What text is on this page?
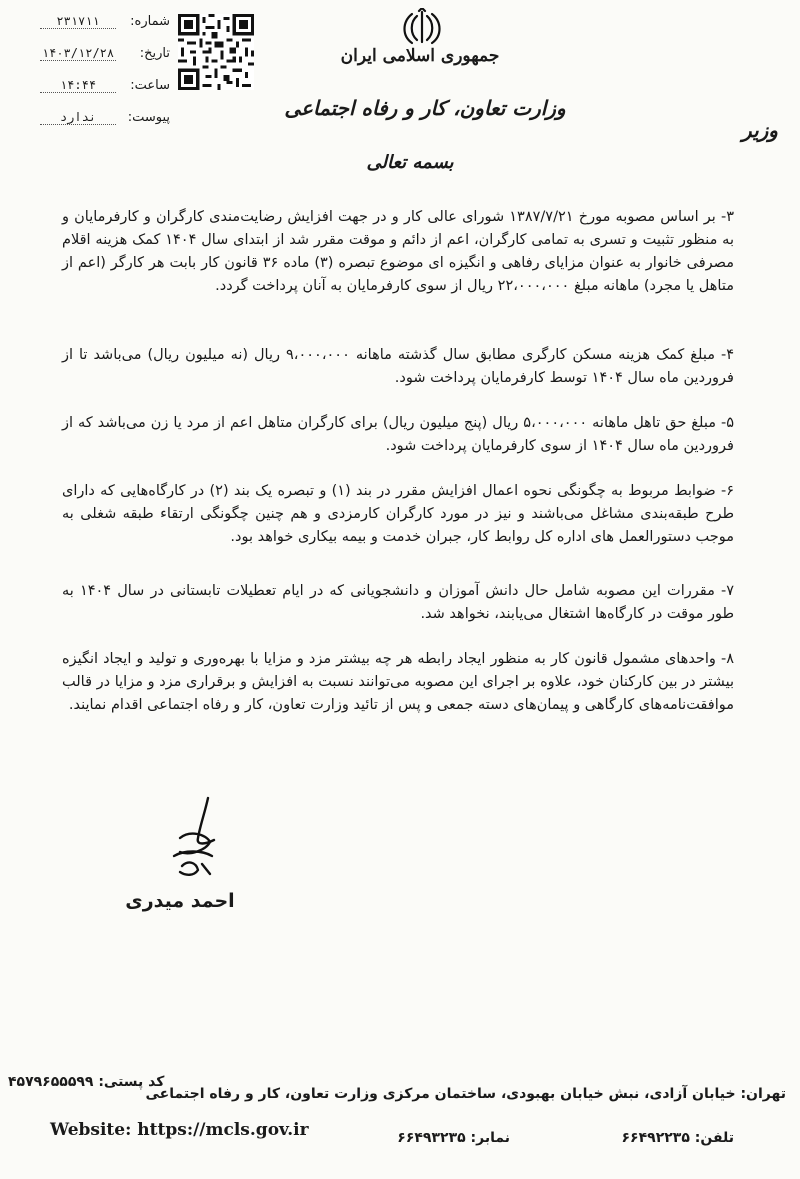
شماره:
۲۳۱۷۱۱
تاریخ:
۱۴۰۳/۱۲/۲۸
ساعت:
۱۴:۴۴
پیوست:
ندارد
جمهوری اسلامی ایران
وزارت تعاون، کار و رفاه اجتماعی
وزیر
بسمه تعالی

۳- بر اساس مصوبه مورخ ۱۳۸۷/۷/۲۱ شورای عالی کار و در جهت افزایش رضایت‌مندی کارگران و کارفرمایان و به منظور تثبیت و تسری به تمامی کارگران، اعم از دائم و موقت مقرر شد از ابتدای سال ۱۴۰۴ کمک هزینه اقلام مصرفی خانوار به عنوان مزایای رفاهی و انگیزه ای موضوع تبصره (۳) ماده ۳۶ قانون کار بابت هر کارگر (اعم از متاهل یا مجرد) ماهانه مبلغ ۲۲،۰۰۰،۰۰۰ ریال از سوی کارفرمایان به آنان پرداخت گردد.

۴- مبلغ کمک هزینه مسکن کارگری مطابق سال گذشته ماهانه ۹،۰۰۰،۰۰۰ ریال (نه میلیون ریال) می‌باشد تا از فروردین ماه سال ۱۴۰۴ توسط کارفرمایان پرداخت شود.

۵- مبلغ حق تاهل ماهانه ۵،۰۰۰،۰۰۰ ریال (پنج میلیون ریال) برای کارگران متاهل اعم از مرد یا زن می‌باشد که از فروردین ماه سال ۱۴۰۴ از سوی کارفرمایان پرداخت شود.

۶- ضوابط مربوط به چگونگی نحوه اعمال افزایش مقرر در بند (۱) و تبصره یک بند (۲) در کارگاه‌هایی که دارای طرح طبقه‌بندی مشاغل می‌باشند و نیز در مورد کارگران کارمزدی و هم چنین چگونگی ارتقاء طبقه شغلی به موجب دستورالعمل های اداره کل روابط کار، جبران خدمت و بیمه بیکاری خواهد بود.

۷- مقررات این مصوبه شامل حال دانش آموزان و دانشجویانی که در ایام تعطیلات تابستانی در سال ۱۴۰۴ به طور موقت در کارگاه‌ها اشتغال می‌یابند، نخواهد شد.

۸- واحدهای مشمول قانون کار به منظور ایجاد رابطه هر چه بیشتر مزد و مزایا با بهره‌وری و تولید و ایجاد انگیزه بیشتر در بین کارکنان خود، علاوه بر اجرای این مصوبه می‌توانند نسبت به افزایش و برقراری مزد و مزایا در قالب موافقت‌نامه‌های کارگاهی و پیمان‌های دسته جمعی و پس از تائید وزارت تعاون، کار و رفاه اجتماعی اقدام نمایند.

احمد میدری
تهران: خیابان آزادی، نبش خیابان بهبودی، ساختمان مرکزی وزارت تعاون، کار و رفاه اجتماعی
کد پستی: ۴۵۷۹۶۵۵۵۹۹
Website: https://mcls.gov.ir	تلفن: ۶۶۴۹۲۲۳۵
نمابر: ۶۶۴۹۳۲۳۵
